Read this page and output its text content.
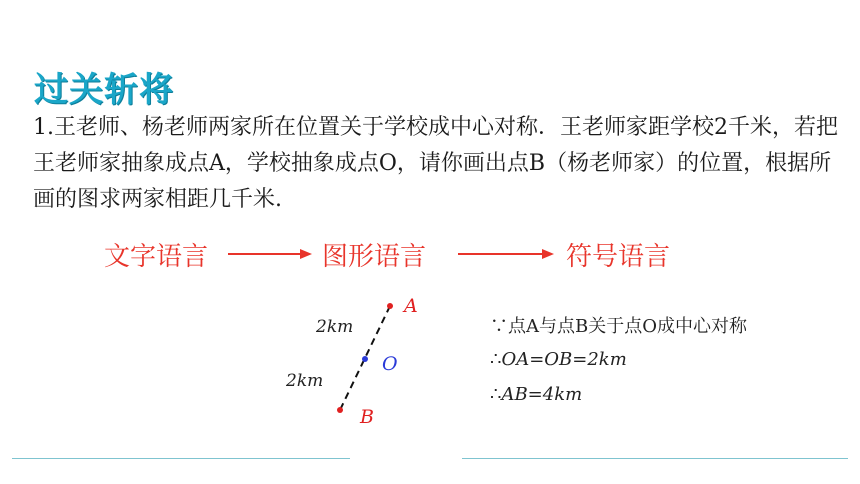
过关斩将

1.王老师、杨老师两家所在位置关于学校成中心对称．王老师家距学校2千米，若把王老师家抽象成点A，学校抽象成点O，请你画出点B（杨老师家）的位置，根据所画的图求两家相距几千米.

文字语言	图形语言	符号语言
A
O
B
2km
2km
∵点A与点B关于点O成中心对称
∴OA=OB=2km
∴AB=4km
